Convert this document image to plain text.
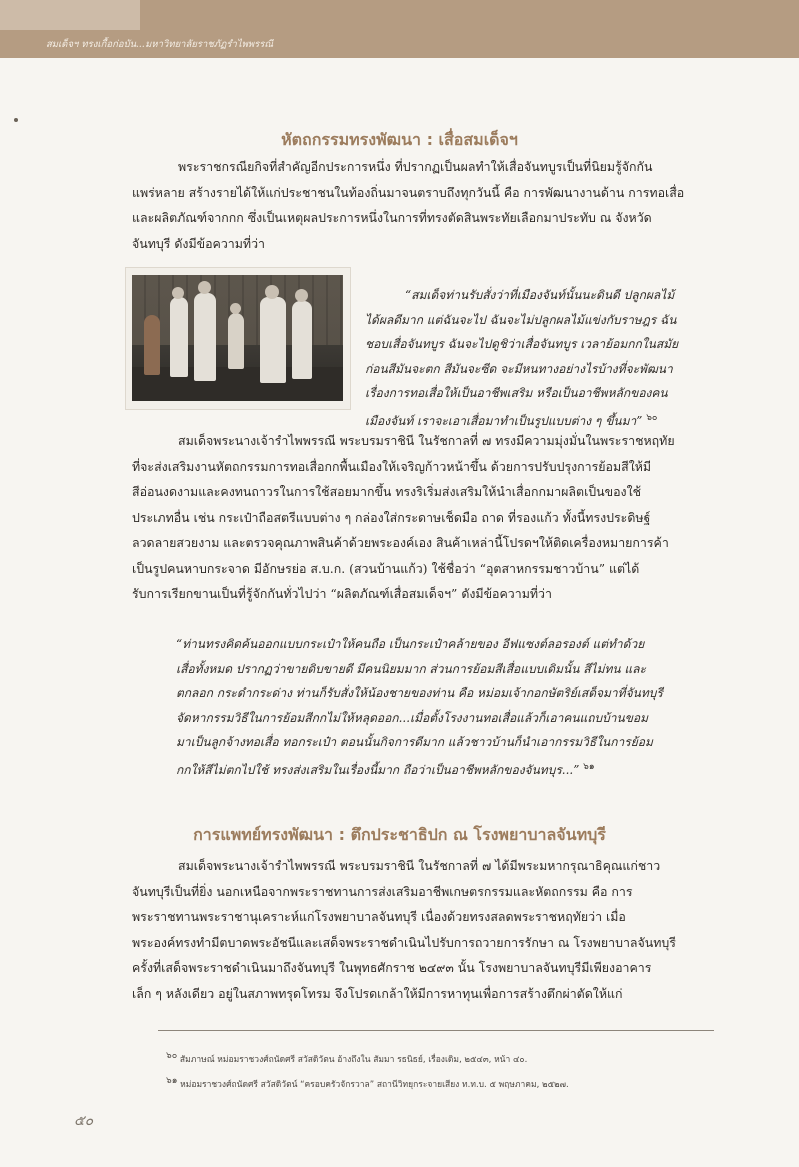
สมเด็จฯ ทรงเกื้อก่อบัน...มหาวิทยาลัยราชภัฏรำไพพรรณี
หัตถกรรมทรงพัฒนา : เสื่อสมเด็จฯ

พระราชกรณียกิจที่สำคัญอีกประการหนึ่ง ที่ปรากฏเป็นผลทำให้เสื่อจันทบูรเป็นที่นิยมรู้จักกัน
แพร่หลาย สร้างรายได้ให้แก่ประชาชนในท้องถิ่นมาจนตราบถึงทุกวันนี้ คือ การพัฒนางานด้าน การทอเสื่อ
และผลิตภัณฑ์จากกก ซึ่งเป็นเหตุผลประการหนึ่งในการที่ทรงตัดสินพระทัยเลือกมาประทับ ณ จังหวัด
จันทบุรี ดังมีข้อความที่ว่า

“สมเด็จท่านรับสั่งว่าที่เมืองจันท์นั้นนะดินดี ปลูกผลไม้
ได้ผลดีมาก แต่ฉันจะไป ฉันจะไม่ปลูกผลไม้แข่งกับราษฎร ฉัน
ชอบเสื่อจันทบูร ฉันจะไปดูชิว่าเสื่อจันทบูร เวลาย้อมกกในสมัย
ก่อนสีมันจะตก สีมันจะซีด จะมีหนทางอย่างไรบ้างที่จะพัฒนา
เรื่องการทอเสื่อให้เป็นอาชีพเสริม หรือเป็นอาชีพหลักของคน
เมืองจันท์ เราจะเอาเสื่อมาทำเป็นรูปแบบต่าง ๆ ขึ้นมา” $^{๖๐}$

สมเด็จพระนางเจ้ารำไพพรรณี พระบรมราชินี ในรัชกาลที่ ๗ ทรงมีความมุ่งมั่นในพระราชหฤทัย
ที่จะส่งเสริมงานหัตถกรรมการทอเสื่อกกพื้นเมืองให้เจริญก้าวหน้าขึ้น ด้วยการปรับปรุงการย้อมสีให้มี
สีอ่อนงดงามและคงทนถาวรในการใช้สอยมากขึ้น ทรงริเริ่มส่งเสริมให้นำเสื่อกกมาผลิตเป็นของใช้
ประเภทอื่น เช่น กระเป๋าถือสตรีแบบต่าง ๆ กล่องใส่กระดาษเช็ดมือ ถาด ที่รองแก้ว ทั้งนี้ทรงประดิษฐ์
ลวดลายสวยงาม และตรวจคุณภาพสินค้าด้วยพระองค์เอง สินค้าเหล่านี้โปรดฯให้ติดเครื่องหมายการค้า
เป็นรูปคนหาบกระจาด มีอักษรย่อ ส.บ.ก. (สวนบ้านแก้ว) ใช้ชื่อว่า “อุตสาหกรรมชาวบ้าน” แต่ได้
รับการเรียกขานเป็นที่รู้จักกันทั่วไปว่า “ผลิตภัณฑ์เสื่อสมเด็จฯ” ดังมีข้อความที่ว่า

“ท่านทรงคิดค้นออกแบบกระเป๋าให้คนถือ เป็นกระเป๋าคล้ายของ อีฟแซงต์ลอรองต์ แต่ทำด้วย
เสื่อทั้งหมด ปรากฏว่าขายดิบขายดี มีคนนิยมมาก ส่วนการย้อมสีเสื่อแบบเดิมนั้น สีไม่ทน และ
ตกลอก กระดำกระด่าง ท่านก็รับสั่งให้น้องชายของท่าน คือ หม่อมเจ้ากอกษัตริย์เสด็จมาที่จันทบุรี
จัดหากรรมวิธีในการย้อมสีกกไม่ให้หลุดออก...เมื่อตั้งโรงงานทอเสื่อแล้วก็เอาคนแถบบ้านขอม
มาเป็นลูกจ้างทอเสื่อ ทอกระเป๋า ตอนนั้นกิจการดีมาก แล้วชาวบ้านก็นำเอากรรมวิธีในการย้อม
กกให้สีไม่ตกไปใช้ ทรงส่งเสริมในเรื่องนี้มาก ถือว่าเป็นอาชีพหลักของจันทบุร...” $^{๖๑}$

การแพทย์ทรงพัฒนา : ตึกประชาธิปก ณ โรงพยาบาลจันทบุรี

สมเด็จพระนางเจ้ารำไพพรรณี พระบรมราชินี ในรัชกาลที่ ๗ ได้มีพระมหากรุณาธิคุณแก่ชาว
จันทบุรีเป็นที่ยิ่ง นอกเหนือจากพระราชทานการส่งเสริมอาชีพเกษตรกรรมและหัตถกรรม คือ การ
พระราชทานพระราชานุเคราะห์แก่โรงพยาบาลจันทบุรี เนื่องด้วยทรงสลดพระราชหฤทัยว่า เมื่อ
พระองค์ทรงทำมีตบาดพระอัชนีและเสด็จพระราชดำเนินไปรับการถวายการรักษา ณ โรงพยาบาลจันทบุรี
ครั้งที่เสด็จพระราชดำเนินมาถึงจันทบุรี ในพุทธศักราช ๒๔๙๓ นั้น โรงพยาบาลจันทบุรีมีเพียงอาคาร
เล็ก ๆ หลังเดียว อยู่ในสภาพทรุดโทรม จึงโปรดเกล้าให้มีการหาทุนเพื่อการสร้างตึกผ่าตัดให้แก่

๖๐ สัมภาษณ์ หม่อมราชวงศ์ถนัดศรี สวัสดิวัตน อ้างถึงใน สัมมา รธนิธย์, เรื่องเดิม, ๒๕๔๓, หน้า ๔๐.
๖๑ หม่อมราชวงศ์ถนัดศรี สวัสดิวัตน์ “ครอบครัวจักรวาล” สถานีวิทยุกระจายเสียง ท.ท.บ. ๕ พฤษภาคม, ๒๕๒๗.
๕๐
